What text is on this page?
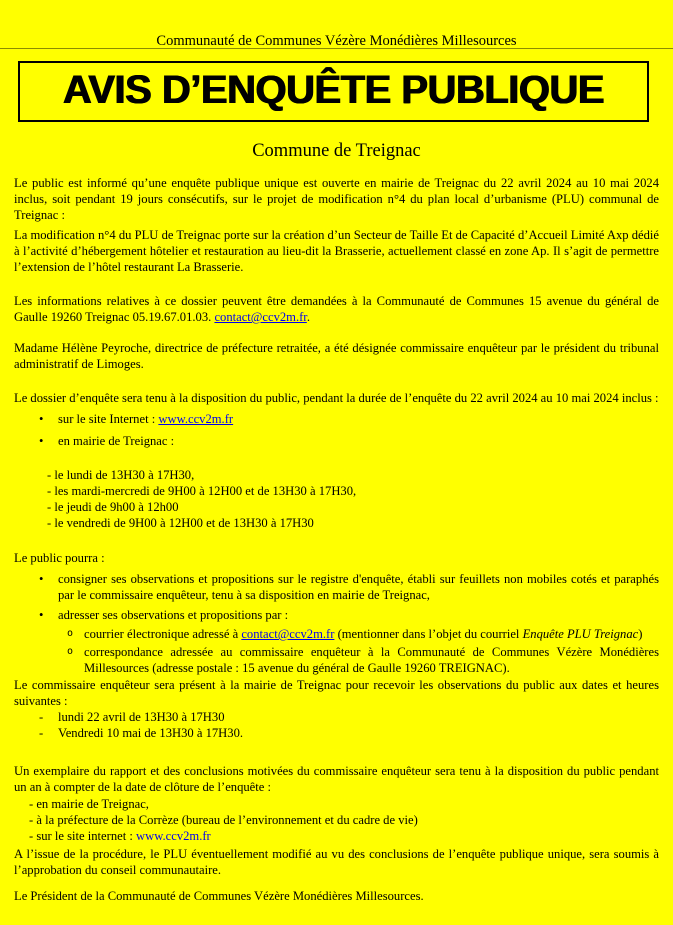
Communauté de Communes Vézère Monédières Millesources
AVIS D’ENQUÊTE PUBLIQUE
Commune de Treignac

Le public est informé qu’une enquête publique unique est ouverte en mairie de Treignac du 22 avril 2024 au 10 mai 2024 inclus, soit pendant 19 jours consécutifs, sur le projet de modification n°4 du plan local d’urbanisme (PLU) communal de Treignac :

La modification n°4 du PLU de Treignac porte sur la création d’un Secteur de Taille Et de Capacité d’Accueil Limité Axp dédié à l’activité d’hébergement hôtelier et restauration au lieu-dit la Brasserie, actuellement classé en zone Ap. Il s’agit de permettre l’extension de l’hôtel restaurant La Brasserie.

Les informations relatives à ce dossier peuvent être demandées à la Communauté de Communes 15 avenue du général de Gaulle 19260 Treignac 05.19.67.01.03. contact@ccv2m.fr.

Madame Hélène Peyroche, directrice de préfecture retraitée, a été désignée commissaire enquêteur par le président du tribunal administratif de Limoges.

Le dossier d’enquête sera tenu à la disposition du public, pendant la durée de l’enquête du 22 avril 2024 au 10 mai 2024 inclus :

•	sur le site Internet : www.ccv2m.fr
•	en mairie de Treignac :
- le lundi de 13H30 à 17H30,
- les mardi-mercredi de 9H00 à 12H00 et de 13H30 à 17H30,
- le jeudi de 9h00 à 12h00
- le vendredi de 9H00 à 12H00 et de 13H30 à 17H30

Le public pourra :

•	consigner ses observations et propositions sur le registre d'enquête, établi sur feuillets non mobiles cotés et paraphés par le commissaire enquêteur, tenu à sa disposition en mairie de Treignac,
•	adresser ses observations et propositions par :
o courrier électronique adressé à contact@ccv2m.fr (mentionner dans l’objet du courriel Enquête PLU Treignac)
o correspondance adressée au commissaire enquêteur à la Communauté de Communes Vézère Monédières Millesources (adresse postale : 15 avenue du général de Gaulle 19260 TREIGNAC).

Le commissaire enquêteur sera présent à la mairie de Treignac pour recevoir les observations du public aux dates et heures suivantes :

-	lundi 22 avril de 13H30 à 17H30
-	Vendredi 10 mai de 13H30 à 17H30.

Un exemplaire du rapport et des conclusions motivées du commissaire enquêteur sera tenu à la disposition du public pendant un an à compter de la date de clôture de l’enquête :

- en mairie de Treignac,
- à la préfecture de la Corrèze (bureau de l’environnement et du cadre de vie)
- sur le site internet : www.ccv2m.fr

A l’issue de la procédure, le PLU éventuellement modifié au vu des conclusions de l’enquête publique unique, sera soumis à l’approbation du conseil communautaire.

Le Président de la Communauté de Communes Vézère Monédières Millesources.
